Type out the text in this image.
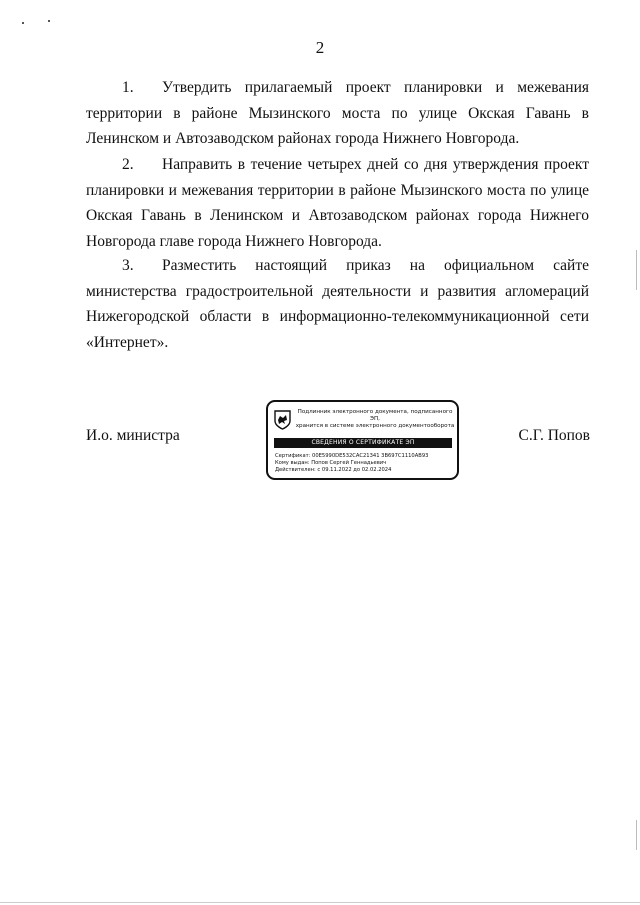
2

1. Утвердить прилагаемый проект планировки и межевания территории в районе Мызинского моста по улице Окская Гавань в Ленинском и Автозаводском районах города Нижнего Новгорода.

2. Направить в течение четырех дней со дня утверждения проект планировки и межевания территории в районе Мызинского моста по улице Окская Гавань в Ленинском и Автозаводском районах города Нижнего Новгорода главе города Нижнего Новгорода.

3. Разместить настоящий приказ на официальном сайте министерства градостроительной деятельности и развития агломераций Нижегородской области в информационно-телекоммуникационной сети «Интернет».

И.о. министра
Подлинник электронного документа, подписанного ЭП,
хранится в системе электронного документооборота
СВЕДЕНИЯ О СЕРТИФИКАТЕ ЭП
Сертификат: 00E5990DE532CAC21341 3B697C1110AB93
Кому выдан: Попов Сергей Геннадьевич
Действителен: с 09.11.2022 до 02.02.2024
С.Г. Попов
